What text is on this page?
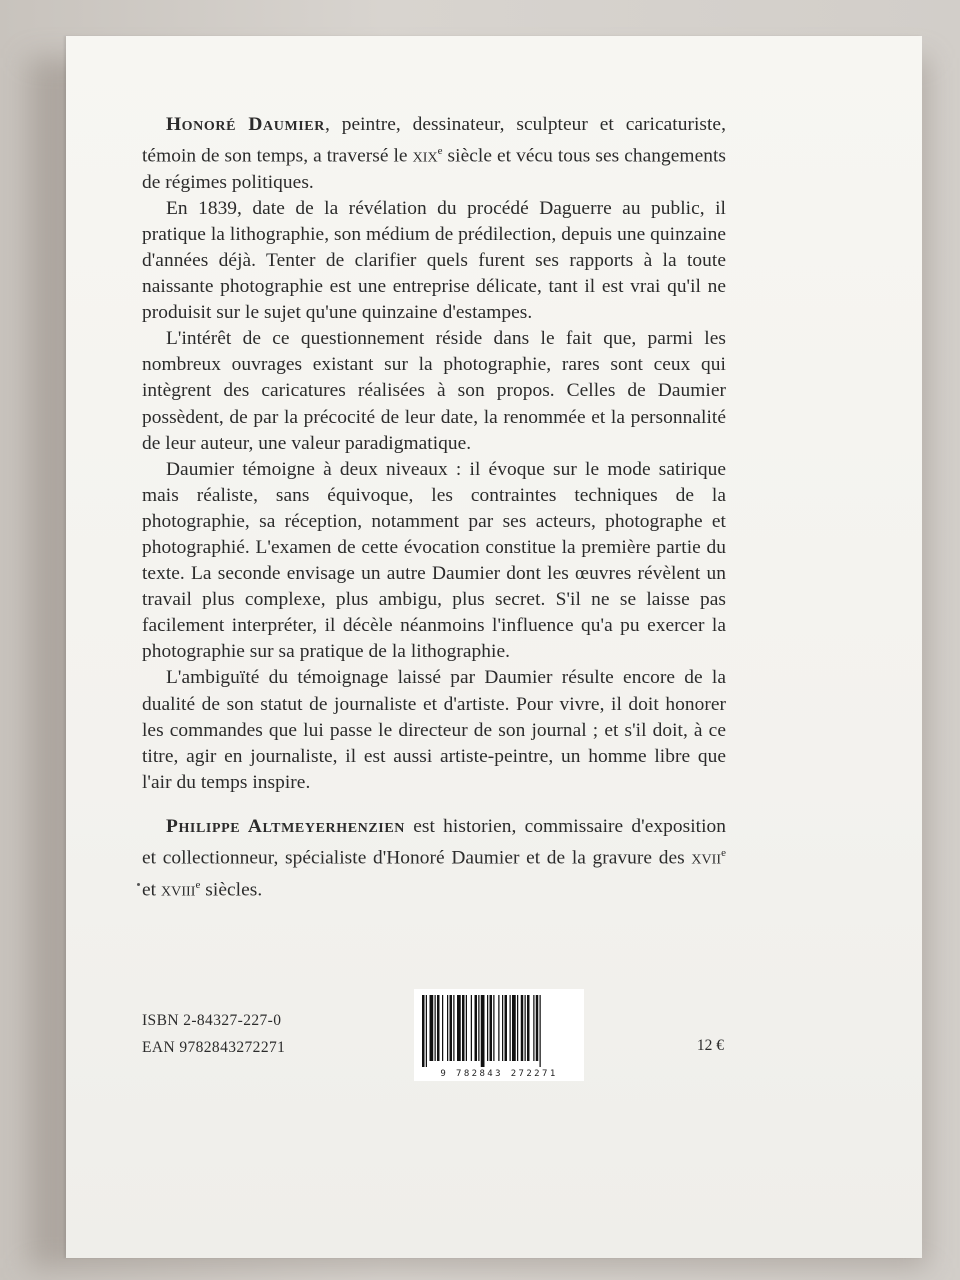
Honoré Daumier, peintre, dessinateur, sculpteur et caricaturiste, témoin de son temps, a traversé le xix$^e$ siècle et vécu tous ses changements de régimes politiques.

En 1839, date de la révélation du procédé Daguerre au public, il pratique la lithographie, son médium de prédilection, depuis une quinzaine d'années déjà. Tenter de clarifier quels furent ses rapports à la toute naissante photographie est une entreprise délicate, tant il est vrai qu'il ne produisit sur le sujet qu'une quinzaine d'estampes.

L'intérêt de ce questionnement réside dans le fait que, parmi les nombreux ouvrages existant sur la photographie, rares sont ceux qui intègrent des caricatures réalisées à son propos. Celles de Daumier possèdent, de par la précocité de leur date, la renommée et la personnalité de leur auteur, une valeur paradigmatique.

Daumier témoigne à deux niveaux : il évoque sur le mode satirique mais réaliste, sans équivoque, les contraintes techniques de la photographie, sa réception, notamment par ses acteurs, photographe et photographié. L'examen de cette évocation constitue la première partie du texte. La seconde envisage un autre Daumier dont les œuvres révèlent un travail plus complexe, plus ambigu, plus secret. S'il ne se laisse pas facilement interpréter, il décèle néanmoins l'influence qu'a pu exercer la photographie sur sa pratique de la lithographie.

L'ambiguïté du témoignage laissé par Daumier résulte encore de la dualité de son statut de journaliste et d'artiste. Pour vivre, il doit honorer les commandes que lui passe le directeur de son journal ; et s'il doit, à ce titre, agir en journaliste, il est aussi artiste-peintre, un homme libre que l'air du temps inspire.

Philippe Altmeyerhenzien est historien, commissaire d'exposition et collectionneur, spécialiste d'Honoré Daumier et de la gravure des xvii$^e$ et xviii$^e$ siècles.

ISBN 2-84327-227-0
EAN 9782843272271
9 782843 272271
12 €
